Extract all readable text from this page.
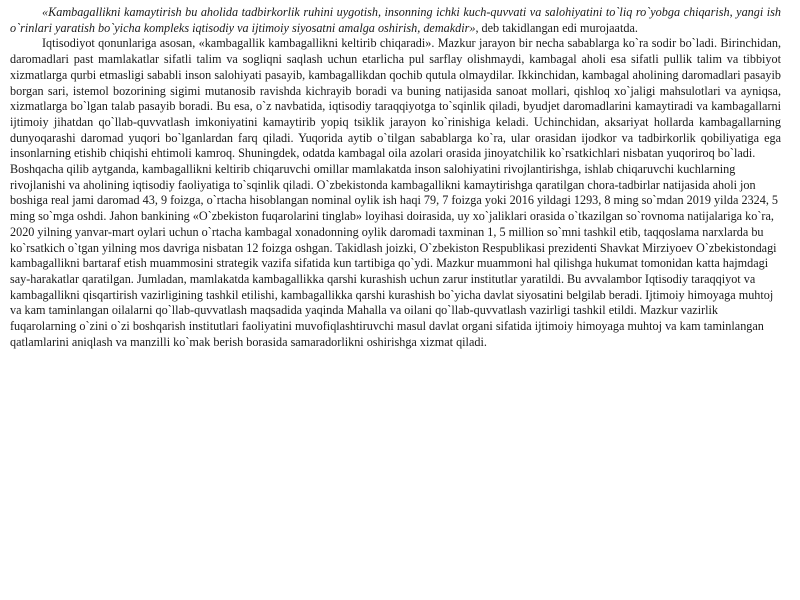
«Kambagallikni kamaytirish bu aholida tadbirkorlik ruhini uygotish, insonning ichki kuch-quvvati va salohiyatini to`liq ro`yobga chiqarish, yangi ish o`rinlari yaratish bo`yicha kompleks iqtisodiy va ijtimoiy siyosatni amalga oshirish, demakdir», deb takidlangan edi murojaatda.

Iqtisodiyot qonunlariga asosan, «kambagallik kambagallikni keltirib chiqaradi». Mazkur jarayon bir necha sabablarga ko`ra sodir bo`ladi. Birinchidan, daromadlari past mamlakatlar sifatli talim va sogliqni saqlash uchun etarlicha pul sarflay olishmaydi, kambagal aholi esa sifatli pullik talim va tibbiyot xizmatlarga qurbi etmasligi sababli inson salohiyati pasayib, kambagallikdan qochib qutula olmaydilar. Ikkinchidan, kambagal aholining daromadlari pasayib borgan sari, istemol bozorining sigimi mutanosib ravishda kichrayib boradi va buning natijasida sanoat mollari, qishloq xo`jaligi mahsulotlari va ayniqsa, xizmatlarga bo`lgan talab pasayib boradi. Bu esa, o`z navbatida, iqtisodiy taraqqiyotga to`sqinlik qiladi, byudjet daromadlarini kamaytiradi va kambagallarni ijtimoiy jihatdan qo`llab-quvvatlash imkoniyatini kamaytirib yopiq tsiklik jarayon ko`rinishiga keladi. Uchinchidan, aksariyat hollarda kambagallarning dunyoqarashi daromad yuqori bo`lganlardan farq qiladi. Yuqorida aytib o`tilgan sabablarga ko`ra, ular orasidan ijodkor va tadbirkorlik qobiliyatiga ega insonlarning etishib chiqishi ehtimoli kamroq. Shuningdek, odatda kambagal oila azolari orasida jinoyatchilik ko`rsatkichlari nisbatan yuqoriroq bo`ladi.

Boshqacha qilib aytganda, kambagallikni keltirib chiqaruvchi omillar mamlakatda inson salohiyatini rivojlantirishga, ishlab chiqaruvchi kuchlarning rivojlanishi va aholining iqtisodiy faoliyatiga to`sqinlik qiladi. O`zbekistonda kambagallikni kamaytirishga qaratilgan chora-tadbirlar natijasida aholi jon boshiga real jami daromad 43, 9 foizga, o`rtacha hisoblangan nominal oylik ish haqi 79, 7 foizga yoki 2016 yildagi 1293, 8 ming so`mdan 2019 yilda 2324, 5 ming so`mga oshdi. Jahon bankining «O`zbekiston fuqarolarini tinglab» loyihasi doirasida, uy xo`jaliklari orasida o`tkazilgan so`rovnoma natijalariga ko`ra, 2020 yilning yanvar-mart oylari uchun o`rtacha kambagal xonadonning oylik daromadi taxminan 1, 5 million so`mni tashkil etib, taqqoslama narxlarda bu ko`rsatkich o`tgan yilning mos davriga nisbatan 12 foizga oshgan. Takidlash joizki, O`zbekiston Respublikasi prezidenti Shavkat Mirziyoev O`zbekistondagi kambagallikni bartaraf etish muammosini strategik vazifa sifatida kun tartibiga qo`ydi. Mazkur muammoni hal qilishga hukumat tomonidan katta hajmdagi say-harakatlar qaratilgan. Jumladan, mamlakatda kambagallikka qarshi kurashish uchun zarur institutlar yaratildi. Bu avvalambor Iqtisodiy taraqqiyot va kambagallikni qisqartirish vazirligining tashkil etilishi, kambagallikka qarshi kurashish bo`yicha davlat siyosatini belgilab beradi. Ijtimoiy himoyaga muhtoj va kam taminlangan oilalarni qo`llab-quvvatlash maqsadida yaqinda Mahalla va oilani qo`llab-quvvatlash vazirligi tashkil etildi. Mazkur vazirlik fuqarolarning o`zini o`zi boshqarish institutlari faoliyatini muvofiqlashtiruvchi masul davlat organi sifatida ijtimoiy himoyaga muhtoj va kam taminlangan qatlamlarini aniqlash va manzilli ko`mak berish borasida samaradorlikni oshirishga xizmat qiladi.
